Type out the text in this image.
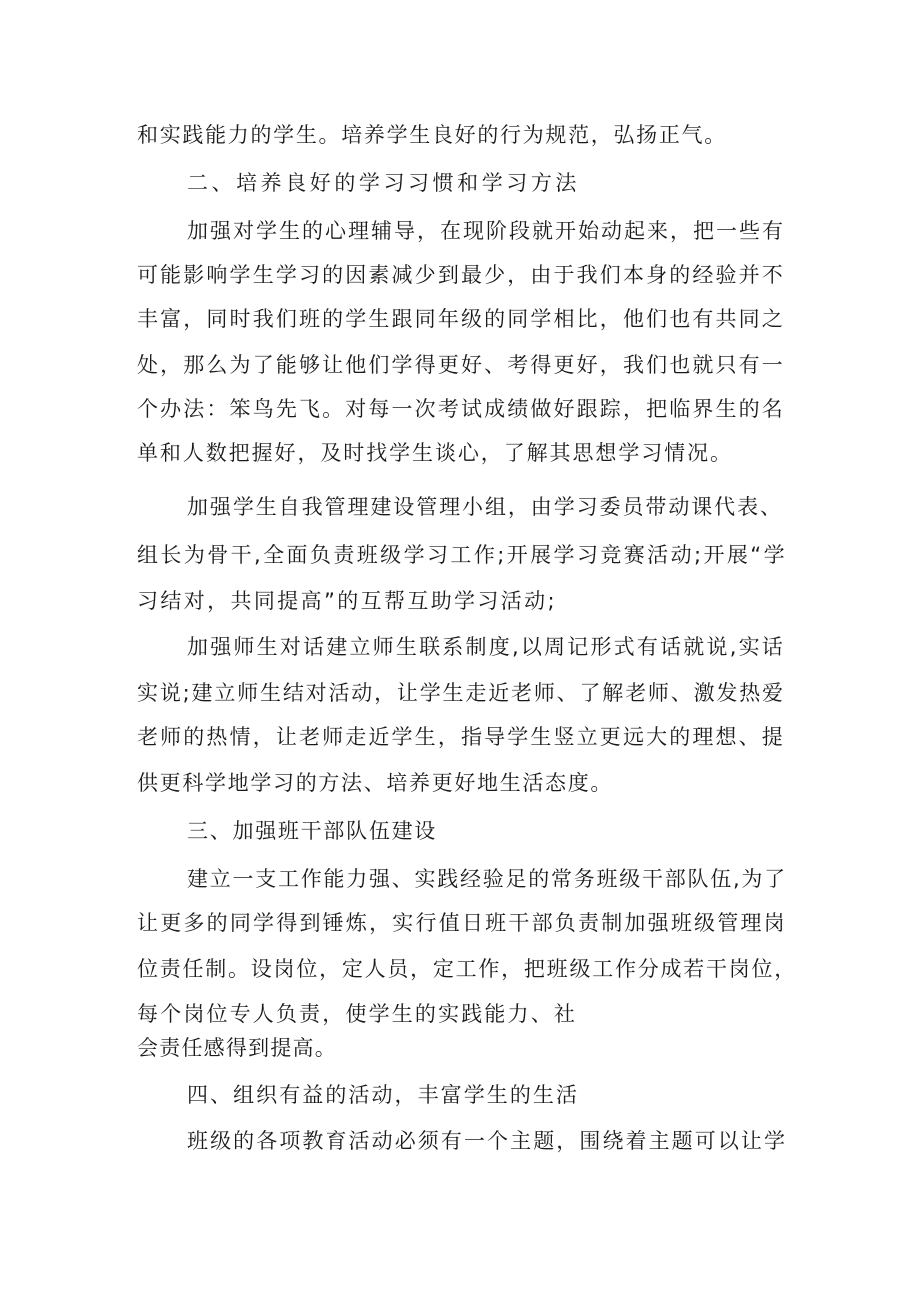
和实践能力的学生。培养学生良好的行为规范，弘扬正气。

二、培养良好的学习习惯和学习方法

加强对学生的心理辅导，在现阶段就开始动起来，把一些有

可能影响学生学习的因素减少到最少，由于我们本身的经验并不

丰富，同时我们班的学生跟同年级的同学相比，他们也有共同之

处，那么为了能够让他们学得更好、考得更好，我们也就只有一

个办法：笨鸟先飞。对每一次考试成绩做好跟踪，把临界生的名

单和人数把握好，及时找学生谈心，了解其思想学习情况。

加强学生自我管理建设管理小组，由学习委员带动课代表、

组长为骨干,全面负责班级学习工作;开展学习竞赛活动;开展“学

习结对，共同提高”的互帮互助学习活动;

加强师生对话建立师生联系制度,以周记形式有话就说,实话

实说;建立师生结对活动，让学生走近老师、了解老师、激发热爱

老师的热情，让老师走近学生，指导学生竖立更远大的理想、提

供更科学地学习的方法、培养更好地生活态度。

三、加强班干部队伍建设

建立一支工作能力强、实践经验足的常务班级干部队伍,为了

让更多的同学得到锤炼，实行值日班干部负责制加强班级管理岗

位责任制。设岗位，定人员，定工作，把班级工作分成若干岗位，

每个岗位专人负责，使学生的实践能力、社

会责任感得到提高。

四、组织有益的活动，丰富学生的生活

班级的各项教育活动必须有一个主题，围绕着主题可以让学
